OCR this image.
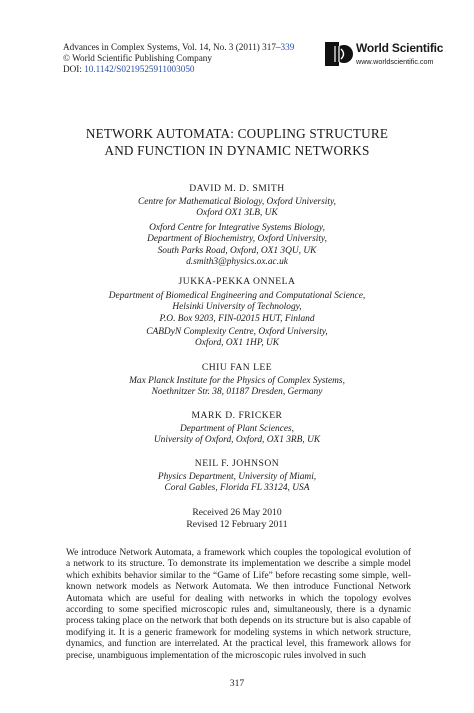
Advances in Complex Systems, Vol. 14, No. 3 (2011) 317–339
© World Scientific Publishing Company
DOI: 10.1142/S0219525911003050
World Scientific
www.worldscientific.com
NETWORK AUTOMATA: COUPLING STRUCTURE
AND FUNCTION IN DYNAMIC NETWORKS
DAVID M. D. SMITH
Centre for Mathematical Biology, Oxford University,
Oxford OX1 3LB, UK
Oxford Centre for Integrative Systems Biology,
Department of Biochemistry, Oxford University,
South Parks Road, Oxford, OX1 3QU, UK
d.smith3@physics.ox.ac.uk
JUKKA-PEKKA ONNELA
Department of Biomedical Engineering and Computational Science,
Helsinki University of Technology,
P.O. Box 9203, FIN-02015 HUT, Finland
CABDyN Complexity Centre, Oxford University,
Oxford, OX1 1HP, UK
CHIU FAN LEE
Max Planck Institute for the Physics of Complex Systems,
Noethnitzer Str. 38, 01187 Dresden, Germany
MARK D. FRICKER
Department of Plant Sciences,
University of Oxford, Oxford, OX1 3RB, UK
NEIL F. JOHNSON
Physics Department, University of Miami,
Coral Gables, Florida FL 33124, USA
Received 26 May 2010
Revised 12 February 2011

We introduce Network Automata, a framework which couples the topological evolution of a network to its structure. To demonstrate its implementation we describe a simple model which exhibits behavior similar to the “Game of Life” before recasting some simple, well-known network models as Network Automata. We then introduce Functional Network Automata which are useful for dealing with networks in which the topology evolves according to some specified microscopic rules and, simultaneously, there is a dynamic process taking place on the network that both depends on its structure but is also capable of modifying it. It is a generic framework for modeling systems in which network structure, dynamics, and function are interrelated. At the practical level, this framework allows for precise, unambiguous implementation of the microscopic rules involved in such

317
